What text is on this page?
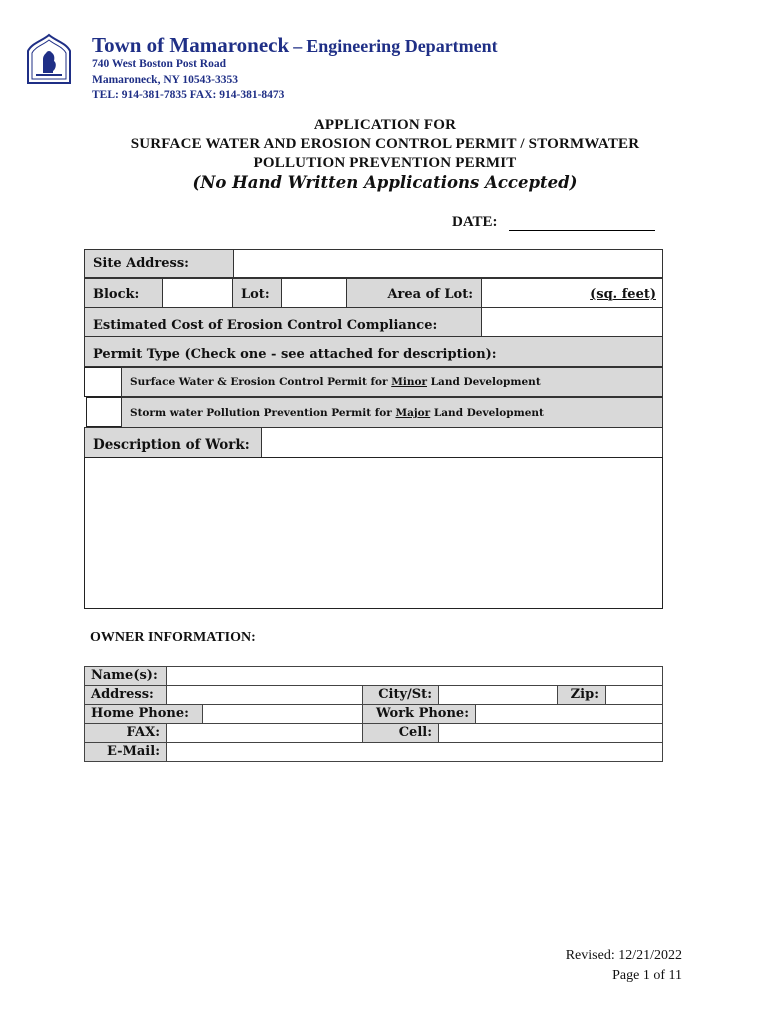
Town of Mamaroneck – Engineering Department
740 West Boston Post Road
Mamaroneck, NY 10543-3353
TEL: 914-381-7835 FAX: 914-381-8473
APPLICATION FOR
SURFACE WATER AND EROSION CONTROL PERMIT / STORMWATER
POLLUTION PREVENTION PERMIT
(No Hand Written Applications Accepted)
DATE:
Site Address:
Block:	Lot:	Area of Lot:	(sq. feet)
Estimated Cost of Erosion Control Compliance:
Permit Type (Check one - see attached for description):
Surface Water & Erosion Control Permit for Minor Land Development
Storm water Pollution Prevention Permit for Major Land Development
Description of Work:
OWNER INFORMATION:
Name(s):
Address:	City/St:	Zip:
Home Phone:	Work Phone:
FAX:	Cell:
E-Mail:
Revised: 12/21/2022
Page 1 of 11
